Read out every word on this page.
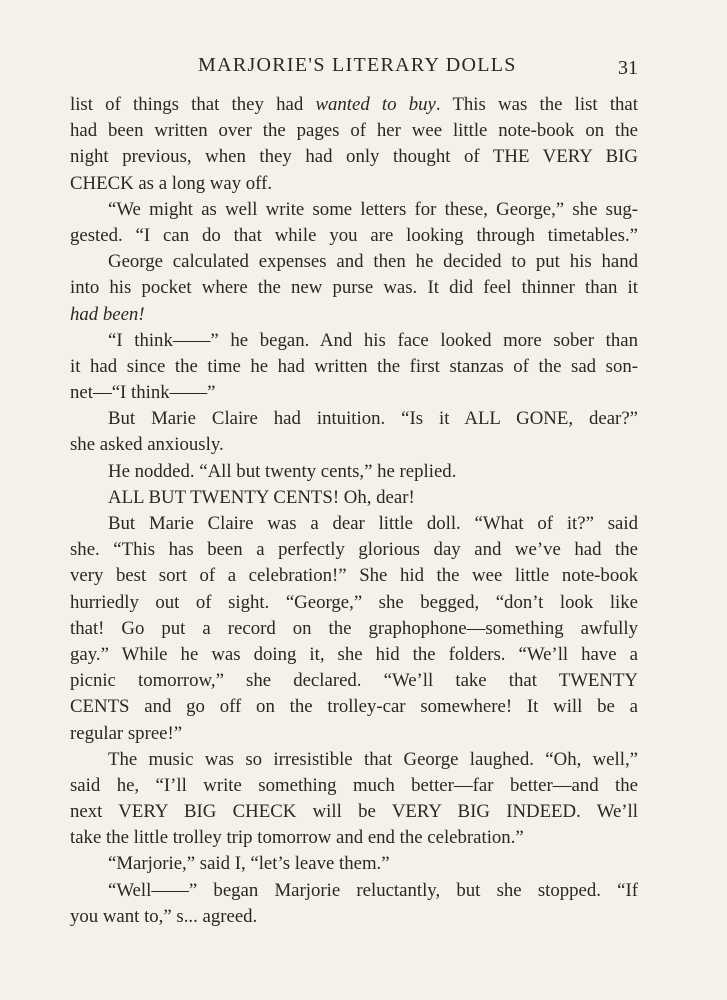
MARJORIE'S LITERARY DOLLS	31
list of things that they had wanted to buy. This was the list that
had been written over the pages of her wee little note-book on the
night previous, when they had only thought of THE VERY BIG
CHECK as a long way off.
“We might as well write some letters for these, George,” she sug-
gested. “I can do that while you are looking through timetables.”
George calculated expenses and then he decided to put his hand
into his pocket where the new purse was. It did feel thinner than it
had been!
“I think——” he began. And his face looked more sober than
it had since the time he had written the first stanzas of the sad son-
net—“I think——”
But Marie Claire had intuition. “Is it ALL GONE, dear?”
she asked anxiously.
He nodded. “All but twenty cents,” he replied.
ALL BUT TWENTY CENTS! Oh, dear!
But Marie Claire was a dear little doll. “What of it?” said
she. “This has been a perfectly glorious day and we’ve had the
very best sort of a celebration!” She hid the wee little note-book
hurriedly out of sight. “George,” she begged, “don’t look like
that! Go put a record on the graphophone—something awfully
gay.” While he was doing it, she hid the folders. “We’ll have a
picnic tomorrow,” she declared. “We’ll take that TWENTY
CENTS and go off on the trolley-car somewhere! It will be a
regular spree!”
The music was so irresistible that George laughed. “Oh, well,”
said he, “I’ll write something much better—far better—and the
next VERY BIG CHECK will be VERY BIG INDEED. We’ll
take the little trolley trip tomorrow and end the celebration.”
“Marjorie,” said I, “let’s leave them.”
“Well——” began Marjorie reluctantly, but she stopped. “If
you want to,” s... agreed.
